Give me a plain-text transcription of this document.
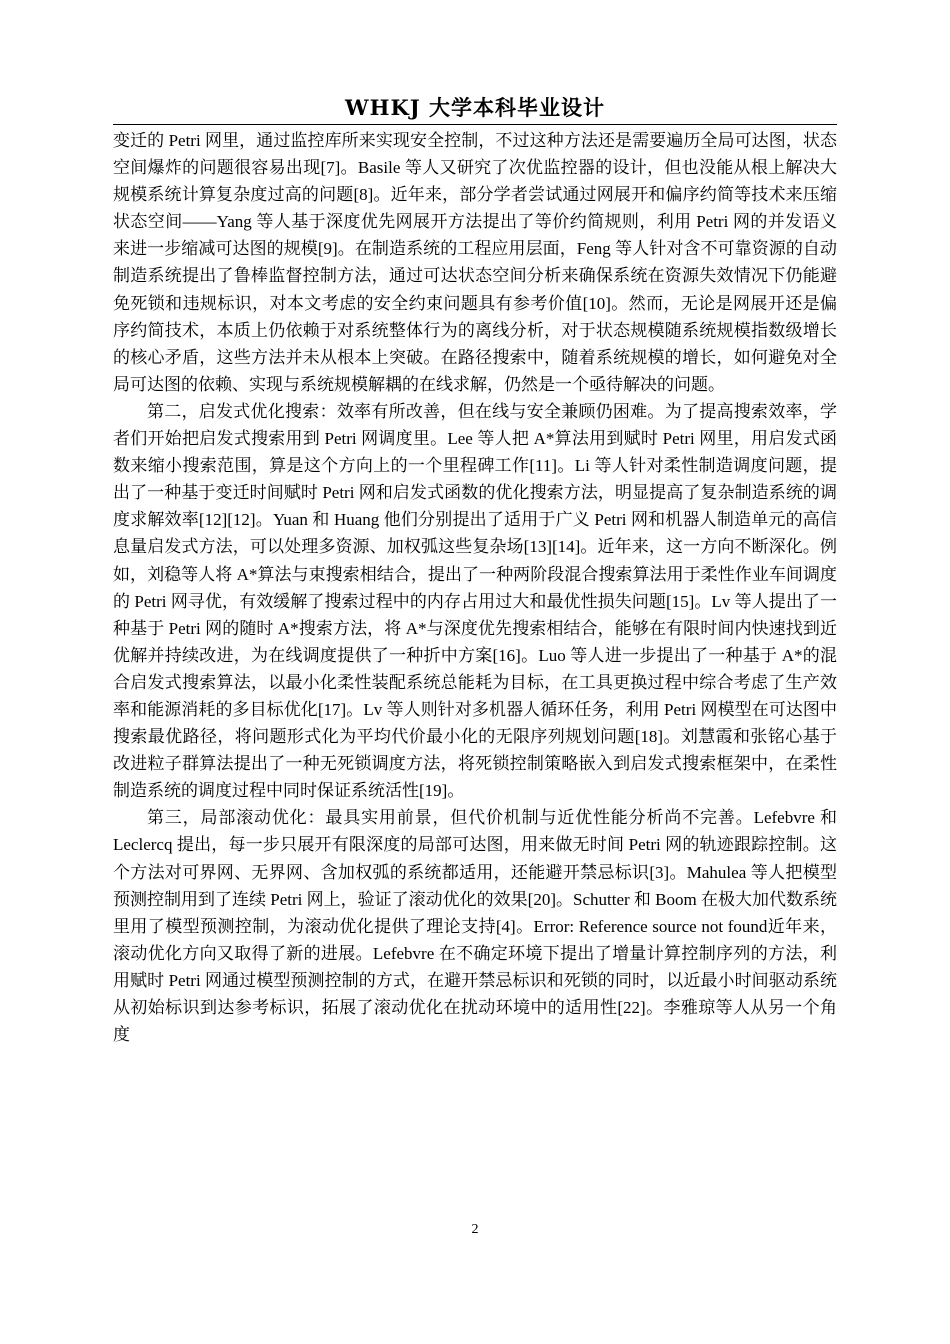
WHKJ 大学本科毕业设计

变迁的 Petri 网里，通过监控库所来实现安全控制，不过这种方法还是需要遍历全局可达图，状态空间爆炸的问题很容易出现[7]。Basile 等人又研究了次优监控器的设计，但也没能从根上解决大规模系统计算复杂度过高的问题[8]。近年来，部分学者尝试通过网展开和偏序约简等技术来压缩状态空间——Yang 等人基于深度优先网展开方法提出了等价约简规则，利用 Petri 网的并发语义来进一步缩减可达图的规模[9]。在制造系统的工程应用层面，Feng 等人针对含不可靠资源的自动制造系统提出了鲁棒监督控制方法，通过可达状态空间分析来确保系统在资源失效情况下仍能避免死锁和违规标识，对本文考虑的安全约束问题具有参考价值[10]。然而，无论是网展开还是偏序约简技术，本质上仍依赖于对系统整体行为的离线分析，对于状态规模随系统规模指数级增长的核心矛盾，这些方法并未从根本上突破。在路径搜索中，随着系统规模的增长，如何避免对全局可达图的依赖、实现与系统规模解耦的在线求解，仍然是一个亟待解决的问题。

第二，启发式优化搜索：效率有所改善，但在线与安全兼顾仍困难。为了提高搜索效率，学者们开始把启发式搜索用到 Petri 网调度里。Lee 等人把 A*算法用到赋时 Petri 网里，用启发式函数来缩小搜索范围，算是这个方向上的一个里程碑工作[11]。Li 等人针对柔性制造调度问题，提出了一种基于变迁时间赋时 Petri 网和启发式函数的优化搜索方法，明显提高了复杂制造系统的调度求解效率[12][12]。Yuan 和 Huang 他们分别提出了适用于广义 Petri 网和机器人制造单元的高信息量启发式方法，可以处理多资源、加权弧这些复杂场[13][14]。近年来，这一方向不断深化。例如，刘稳等人将 A*算法与束搜索相结合，提出了一种两阶段混合搜索算法用于柔性作业车间调度的 Petri 网寻优，有效缓解了搜索过程中的内存占用过大和最优性损失问题[15]。Lv 等人提出了一种基于 Petri 网的随时 A*搜索方法，将 A*与深度优先搜索相结合，能够在有限时间内快速找到近优解并持续改进，为在线调度提供了一种折中方案[16]。Luo 等人进一步提出了一种基于 A*的混合启发式搜索算法，以最小化柔性装配系统总能耗为目标，在工具更换过程中综合考虑了生产效率和能源消耗的多目标优化[17]。Lv 等人则针对多机器人循环任务，利用 Petri 网模型在可达图中搜索最优路径，将问题形式化为平均代价最小化的无限序列规划问题[18]。刘慧霞和张铭心基于改进粒子群算法提出了一种无死锁调度方法，将死锁控制策略嵌入到启发式搜索框架中，在柔性制造系统的调度过程中同时保证系统活性[19]。

第三，局部滚动优化：最具实用前景，但代价机制与近优性能分析尚不完善。Lefebvre 和 Leclercq 提出，每一步只展开有限深度的局部可达图，用来做无时间 Petri 网的轨迹跟踪控制。这个方法对可界网、无界网、含加权弧的系统都适用，还能避开禁忌标识[3]。Mahulea 等人把模型预测控制用到了连续 Petri 网上，验证了滚动优化的效果[20]。Schutter 和 Boom 在极大加代数系统里用了模型预测控制，为滚动优化提供了理论支持[4]。Error: Reference source not found近年来，滚动优化方向又取得了新的进展。Lefebvre 在不确定环境下提出了增量计算控制序列的方法，利用赋时 Petri 网通过模型预测控制的方式，在避开禁忌标识和死锁的同时，以近最小时间驱动系统从初始标识到达参考标识，拓展了滚动优化在扰动环境中的适用性[22]。李雅琼等人从另一个角度

2
